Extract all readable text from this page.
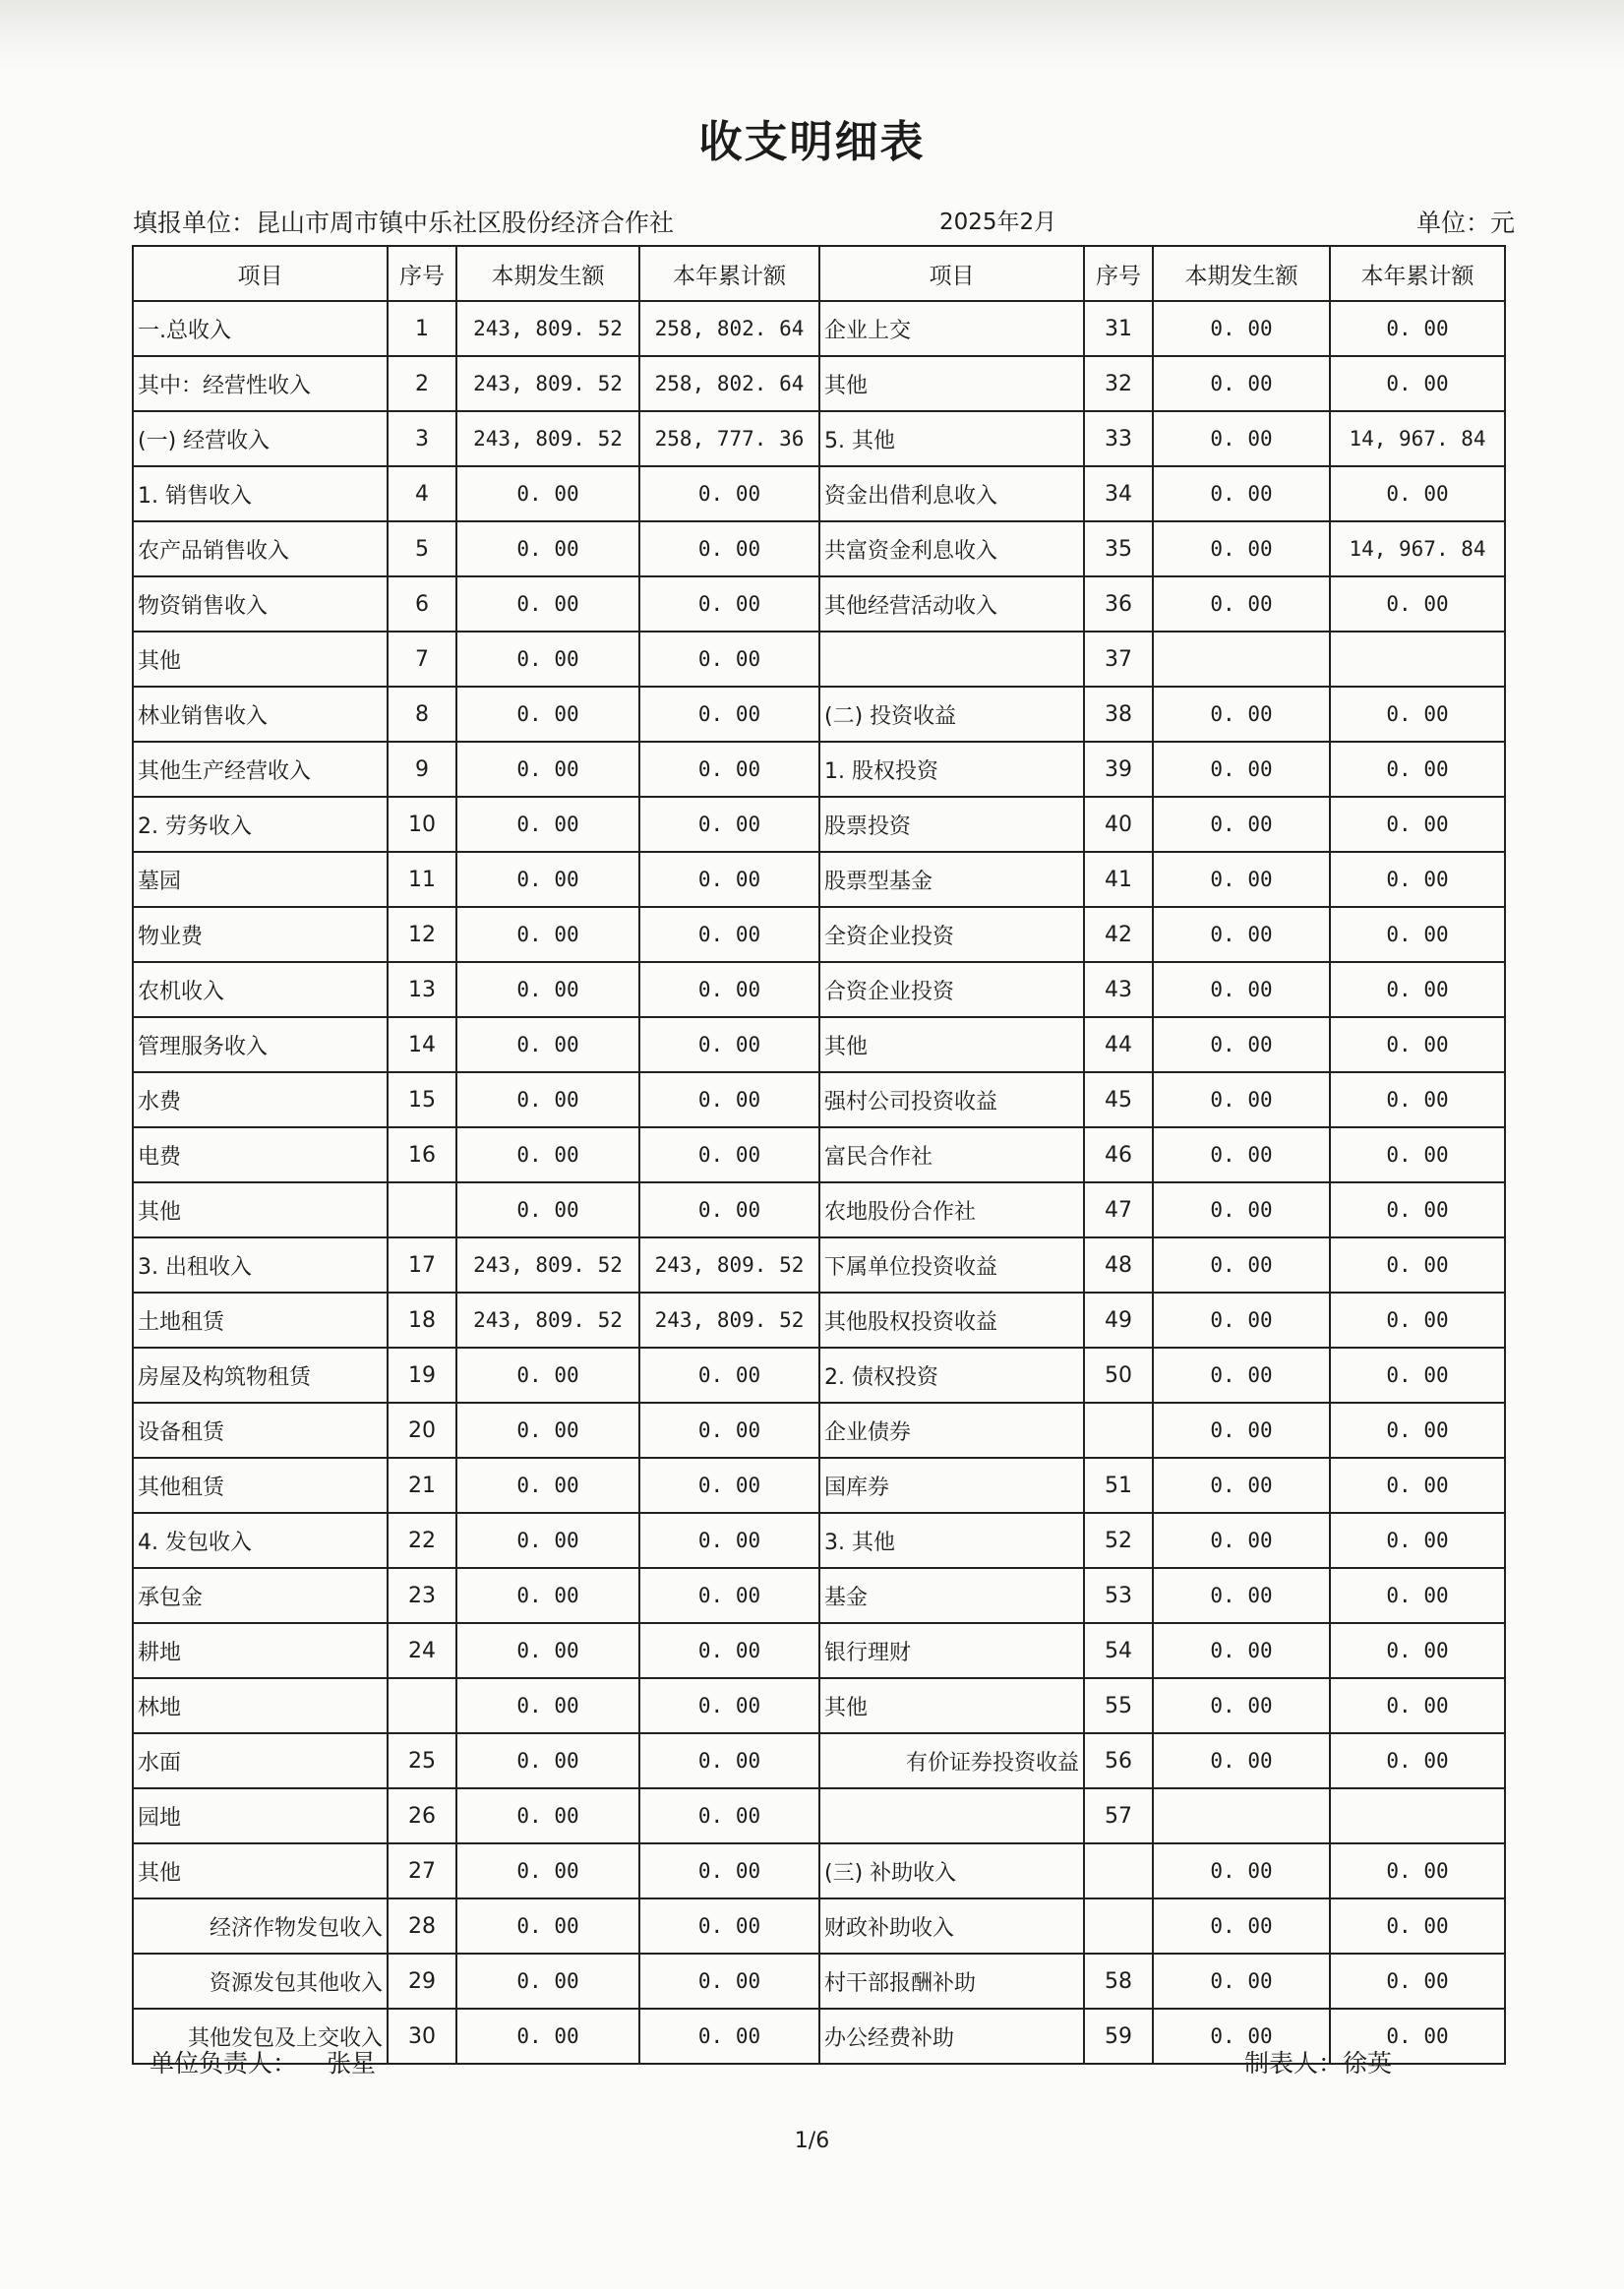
收支明细表
填报单位：昆山市周市镇中乐社区股份经济合作社	2025年2月	单位：元
项目	序号	本期发生额	本年累计额	项目	序号	本期发生额	本年累计额
一.总收入	1	243, 809. 52	258, 802. 64	企业上交	31	0. 00	0. 00
其中：经营性收入	2	243, 809. 52	258, 802. 64	其他	32	0. 00	0. 00
(一) 经营收入	3	243, 809. 52	258, 777. 36	5. 其他	33	0. 00	14, 967. 84
1. 销售收入	4	0. 00	0. 00	资金出借利息收入	34	0. 00	0. 00
农产品销售收入	5	0. 00	0. 00	共富资金利息收入	35	0. 00	14, 967. 84
物资销售收入	6	0. 00	0. 00	其他经营活动收入	36	0. 00	0. 00
其他	7	0. 00	0. 00		37		
林业销售收入	8	0. 00	0. 00	(二) 投资收益	38	0. 00	0. 00
其他生产经营收入	9	0. 00	0. 00	1. 股权投资	39	0. 00	0. 00
2. 劳务收入	10	0. 00	0. 00	股票投资	40	0. 00	0. 00
墓园	11	0. 00	0. 00	股票型基金	41	0. 00	0. 00
物业费	12	0. 00	0. 00	全资企业投资	42	0. 00	0. 00
农机收入	13	0. 00	0. 00	合资企业投资	43	0. 00	0. 00
管理服务收入	14	0. 00	0. 00	其他	44	0. 00	0. 00
水费	15	0. 00	0. 00	强村公司投资收益	45	0. 00	0. 00
电费	16	0. 00	0. 00	富民合作社	46	0. 00	0. 00
其他		0. 00	0. 00	农地股份合作社	47	0. 00	0. 00
3. 出租收入	17	243, 809. 52	243, 809. 52	下属单位投资收益	48	0. 00	0. 00
土地租赁	18	243, 809. 52	243, 809. 52	其他股权投资收益	49	0. 00	0. 00
房屋及构筑物租赁	19	0. 00	0. 00	2. 债权投资	50	0. 00	0. 00
设备租赁	20	0. 00	0. 00	企业债券		0. 00	0. 00
其他租赁	21	0. 00	0. 00	国库券	51	0. 00	0. 00
4. 发包收入	22	0. 00	0. 00	3. 其他	52	0. 00	0. 00
承包金	23	0. 00	0. 00	基金	53	0. 00	0. 00
耕地	24	0. 00	0. 00	银行理财	54	0. 00	0. 00
林地		0. 00	0. 00	其他	55	0. 00	0. 00
水面	25	0. 00	0. 00	有价证券投资收益	56	0. 00	0. 00
园地	26	0. 00	0. 00		57		
其他	27	0. 00	0. 00	(三) 补助收入		0. 00	0. 00
经济作物发包收入	28	0. 00	0. 00	财政补助收入		0. 00	0. 00
资源发包其他收入	29	0. 00	0. 00	村干部报酬补助	58	0. 00	0. 00
其他发包及上交收入	30	0. 00	0. 00	办公经费补助	59	0. 00	0. 00
单位负责人： 张星	制表人：徐英
1/6
